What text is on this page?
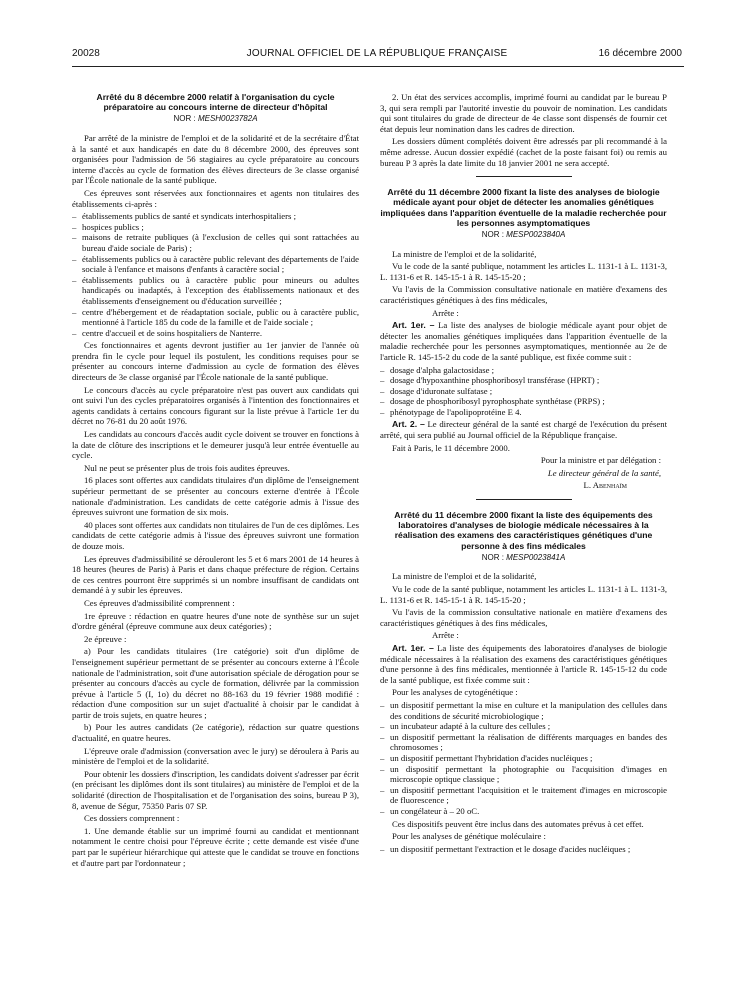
20028	JOURNAL OFFICIEL DE LA RÉPUBLIQUE FRANÇAISE	16 décembre 2000
Arrêté du 8 décembre 2000 relatif à l'organisation du cycle préparatoire au concours interne de directeur d'hôpital
NOR : MESH0023782A

Par arrêté de la ministre de l'emploi et de la solidarité et de la secrétaire d'État à la santé et aux handicapés en date du 8 décembre 2000, des épreuves sont organisées pour l'admission de 56 stagiaires au cycle préparatoire au concours interne d'accès au cycle de formation des élèves directeurs de 3e classe organisé par l'École nationale de la santé publique.

Ces épreuves sont réservées aux fonctionnaires et agents non titulaires des établissements ci-après :

– établissements publics de santé et syndicats interhospitaliers ;
– hospices publics ;
– maisons de retraite publiques (à l'exclusion de celles qui sont rattachées au bureau d'aide sociale de Paris) ;
– établissements publics ou à caractère public relevant des départements de l'aide sociale à l'enfance et maisons d'enfants à caractère social ;
– établissements publics ou à caractère public pour mineurs ou adultes handicapés ou inadaptés, à l'exception des établissements nationaux et des établissements d'enseignement ou d'éducation surveillée ;
– centre d'hébergement et de réadaptation sociale, public ou à caractère public, mentionné à l'article 185 du code de la famille et de l'aide sociale ;
– centre d'accueil et de soins hospitaliers de Nanterre.

Ces fonctionnaires et agents devront justifier au 1er janvier de l'année où prendra fin le cycle pour lequel ils postulent, les conditions requises pour se présenter au concours interne d'admission au cycle de formation des élèves directeurs de 3e classe organisé par l'École nationale de la santé publique.

Le concours d'accès au cycle préparatoire n'est pas ouvert aux candidats qui ont suivi l'un des cycles préparatoires organisés à l'intention des fonctionnaires et agents candidats à certains concours figurant sur la liste prévue à l'article 1er du décret no 76-81 du 20 août 1976.

Les candidats au concours d'accès audit cycle doivent se trouver en fonctions à la date de clôture des inscriptions et le demeurer jusqu'à leur entrée éventuelle au cycle.

Nul ne peut se présenter plus de trois fois audites épreuves.

16 places sont offertes aux candidats titulaires d'un diplôme de l'enseignement supérieur permettant de se présenter au concours externe d'entrée à l'École nationale d'administration. Les candidats de cette catégorie admis à l'issue des épreuves suivront une formation de six mois.

40 places sont offertes aux candidats non titulaires de l'un de ces diplômes. Les candidats de cette catégorie admis à l'issue des épreuves suivront une formation de douze mois.

Les épreuves d'admissibilité se dérouleront les 5 et 6 mars 2001 de 14 heures à 18 heures (heures de Paris) à Paris et dans chaque préfecture de région. Certains de ces centres pourront être supprimés si un nombre insuffisant de candidats ont demandé à y subir les épreuves.

Ces épreuves d'admissibilité comprennent :

1re épreuve : rédaction en quatre heures d'une note de synthèse sur un sujet d'ordre général (épreuve commune aux deux catégories) ;

2e épreuve :

a) Pour les candidats titulaires (1re catégorie) soit d'un diplôme de l'enseignement supérieur permettant de se présenter au concours externe à l'École nationale de l'administration, soit d'une autorisation spéciale de dérogation pour se présenter au concours d'accès au cycle de formation, délivrée par la commission prévue à l'article 5 (I, 1o) du décret no 88-163 du 19 février 1988 modifié : rédaction d'une composition sur un sujet d'actualité à choisir par le candidat à partir de trois sujets, en quatre heures ;

b) Pour les autres candidats (2e catégorie), rédaction sur quatre questions d'actualité, en quatre heures.

L'épreuve orale d'admission (conversation avec le jury) se déroulera à Paris au ministère de l'emploi et de la solidarité.

Pour obtenir les dossiers d'inscription, les candidats doivent s'adresser par écrit (en précisant les diplômes dont ils sont titulaires) au ministère de l'emploi et de la solidarité (direction de l'hospitalisation et de l'organisation des soins, bureau P 3), 8, avenue de Ségur, 75350 Paris 07 SP.

Ces dossiers comprennent :

1. Une demande établie sur un imprimé fourni au candidat et mentionnant notamment le centre choisi pour l'épreuve écrite ; cette demande est visée d'une part par le supérieur hiérarchique qui atteste que le candidat se trouve en fonctions et d'autre part par l'ordonnateur ;

2. Un état des services accomplis, imprimé fourni au candidat par le bureau P 3, qui sera rempli par l'autorité investie du pouvoir de nomination. Les candidats qui sont titulaires du grade de directeur de 4e classe sont dispensés de fournir cet état depuis leur nomination dans les cadres de direction.

Les dossiers dûment complétés doivent être adressés par pli recommandé à la même adresse. Aucun dossier expédié (cachet de la poste faisant foi) ou remis au bureau P 3 après la date limite du 18 janvier 2001 ne sera accepté.

Arrêté du 11 décembre 2000 fixant la liste des analyses de biologie médicale ayant pour objet de détecter les anomalies génétiques impliquées dans l'apparition éventuelle de la maladie recherchée pour les personnes asymptomatiques
NOR : MESP0023840A

La ministre de l'emploi et de la solidarité,

Vu le code de la santé publique, notamment les articles L. 1131-1 à L. 1131-3, L. 1131-6 et R. 145-15-1 à R. 145-15-20 ;

Vu l'avis de la Commission consultative nationale en matière d'examens des caractéristiques génétiques à des fins médicales,

Arrête :

Art. 1er. – La liste des analyses de biologie médicale ayant pour objet de détecter les anomalies génétiques impliquées dans l'apparition éventuelle de la maladie recherchée pour les personnes asymptomatiques, mentionnée au 2e de l'article R. 145-15-2 du code de la santé publique, est fixée comme suit :

– dosage d'alpha galactosidase ;
– dosage d'hypoxanthine phosphoribosyl transférase (HPRT) ;
– dosage d'iduronate sulfatase ;
– dosage de phosphoribosyl pyrophosphate synthétase (PRPS) ;
– phénotypage de l'apolipoprotéine E 4.

Art. 2. – Le directeur général de la santé est chargé de l'exécution du présent arrêté, qui sera publié au Journal officiel de la République française.

Fait à Paris, le 11 décembre 2000.

Pour la ministre et par délégation :

Le directeur général de la santé,

L. Abenhaïm

Arrêté du 11 décembre 2000 fixant la liste des équipements des laboratoires d'analyses de biologie médicale nécessaires à la réalisation des examens des caractéristiques génétiques d'une personne à des fins médicales
NOR : MESP0023841A

La ministre de l'emploi et de la solidarité,

Vu le code de la santé publique, notamment les articles L. 1131-1 à L. 1131-3, L. 1131-6 et R. 145-15-1 à R. 145-15-20 ;

Vu l'avis de la commission consultative nationale en matière d'examens des caractéristiques génétiques à des fins médicales,

Arrête :

Art. 1er. – La liste des équipements des laboratoires d'analyses de biologie médicale nécessaires à la réalisation des examens des caractéristiques génétiques d'une personne à des fins médicales, mentionnée à l'article R. 145-15-12 du code de la santé publique, est fixée comme suit :

Pour les analyses de cytogénétique :

– un dispositif permettant la mise en culture et la manipulation des cellules dans des conditions de sécurité microbiologique ;
– un incubateur adapté à la culture des cellules ;
– un dispositif permettant la réalisation de différents marquages en bandes des chromosomes ;
– un dispositif permettant l'hybridation d'acides nucléiques ;
– un dispositif permettant la photographie ou l'acquisition d'images en microscopie optique classique ;
– un dispositif permettant l'acquisition et le traitement d'images en microscopie de fluorescence ;
– un congélateur à – 20 oC.

Ces dispositifs peuvent être inclus dans des automates prévus à cet effet.

Pour les analyses de génétique moléculaire :

– un dispositif permettant l'extraction et le dosage d'acides nucléiques ;
